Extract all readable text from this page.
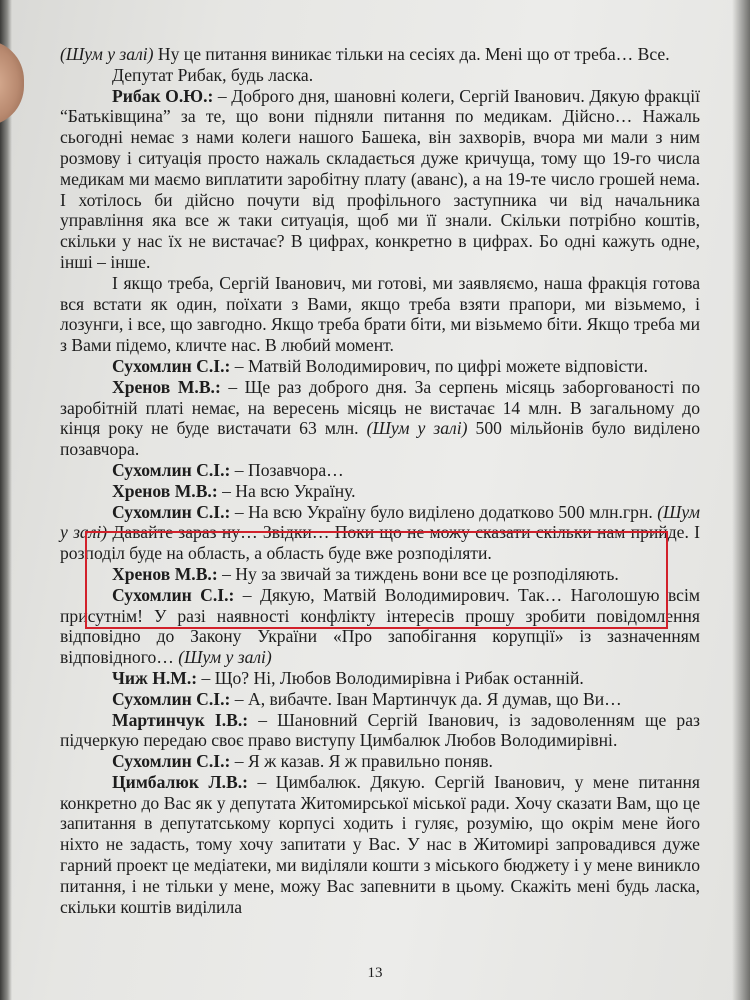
(Шум у залі) Ну це питання виникає тільки на сесіях да. Мені що от треба… Все.

Депутат Рибак, будь ласка.

Рибак О.Ю.: – Доброго дня, шановні колеги, Сергій Іванович. Дякую фракції “Батьківщина” за те, що вони підняли питання по медикам. Дійсно… Нажаль сьогодні немає з нами колеги нашого Башека, він захворів, вчора ми мали з ним розмову і ситуація просто нажаль складається дуже кричуща, тому що 19-го числа медикам ми маємо виплатити заробітну плату (аванс), а на 19-те число грошей нема. І хотілось би дійсно почути від профільного заступника чи від начальника управління яка все ж таки ситуація, щоб ми її знали. Скільки потрібно коштів, скільки у нас їх не вистачає? В цифрах, конкретно в цифрах. Бо одні кажуть одне, інші – інше.

І якщо треба, Сергій Іванович, ми готові, ми заявляємо, наша фракція готова вся встати як один, поїхати з Вами, якщо треба взяти прапори, ми візьмемо, і лозунги, і все, що завгодно. Якщо треба брати біти, ми візьмемо біти. Якщо треба ми з Вами підемо, кличте нас. В любий момент.

Сухомлин С.І.: – Матвій Володимирович, по цифрі можете відповісти.

Хренов М.В.: – Ще раз доброго дня. За серпень місяць заборгованості по заробітній платі немає, на вересень місяць не вистачає 14 млн. В загальному до кінця року не буде вистачати 63 млн. (Шум у залі) 500 мільйонів було виділено позавчора.

Сухомлин С.І.: – Позавчора…

Хренов М.В.: – На всю Україну.

Сухомлин С.І.: – На всю Україну було виділено додатково 500 млн.грн. (Шум у залі) Давайте зараз ну… Звідки… Поки що не можу сказати скільки нам прийде. І розподіл буде на область, а область буде вже розподіляти.

Хренов М.В.: – Ну за звичай за тиждень вони все це розподіляють.

Сухомлин С.І.: – Дякую, Матвій Володимирович. Так… Наголошую всім присутнім! У разі наявності конфлікту інтересів прошу зробити повідомлення відповідно до Закону України «Про запобігання корупції» із зазначенням відповідного… (Шум у залі)

Чиж Н.М.: – Що? Ні, Любов Володимирівна і Рибак останній.

Сухомлин С.І.: – А, вибачте. Іван Мартинчук да. Я думав, що Ви…

Мартинчук І.В.: – Шановний Сергій Іванович, із задоволенням ще раз підчеркую передаю своє право виступу Цимбалюк Любов Володимирівні.

Сухомлин С.І.: – Я ж казав. Я ж правильно поняв.

Цимбалюк Л.В.: – Цимбалюк. Дякую. Сергій Іванович, у мене питання конкретно до Вас як у депутата Житомирської міської ради. Хочу сказати Вам, що це запитання в депутатському корпусі ходить і гуляє, розумію, що окрім мене його ніхто не задасть, тому хочу запитати у Вас. У нас в Житомирі запровадився дуже гарний проект це медіатеки, ми виділяли кошти з міського бюджету і у мене виникло питання, і не тільки у мене, можу Вас запевнити в цьому. Скажіть мені будь ласка, скільки коштів виділила

13
